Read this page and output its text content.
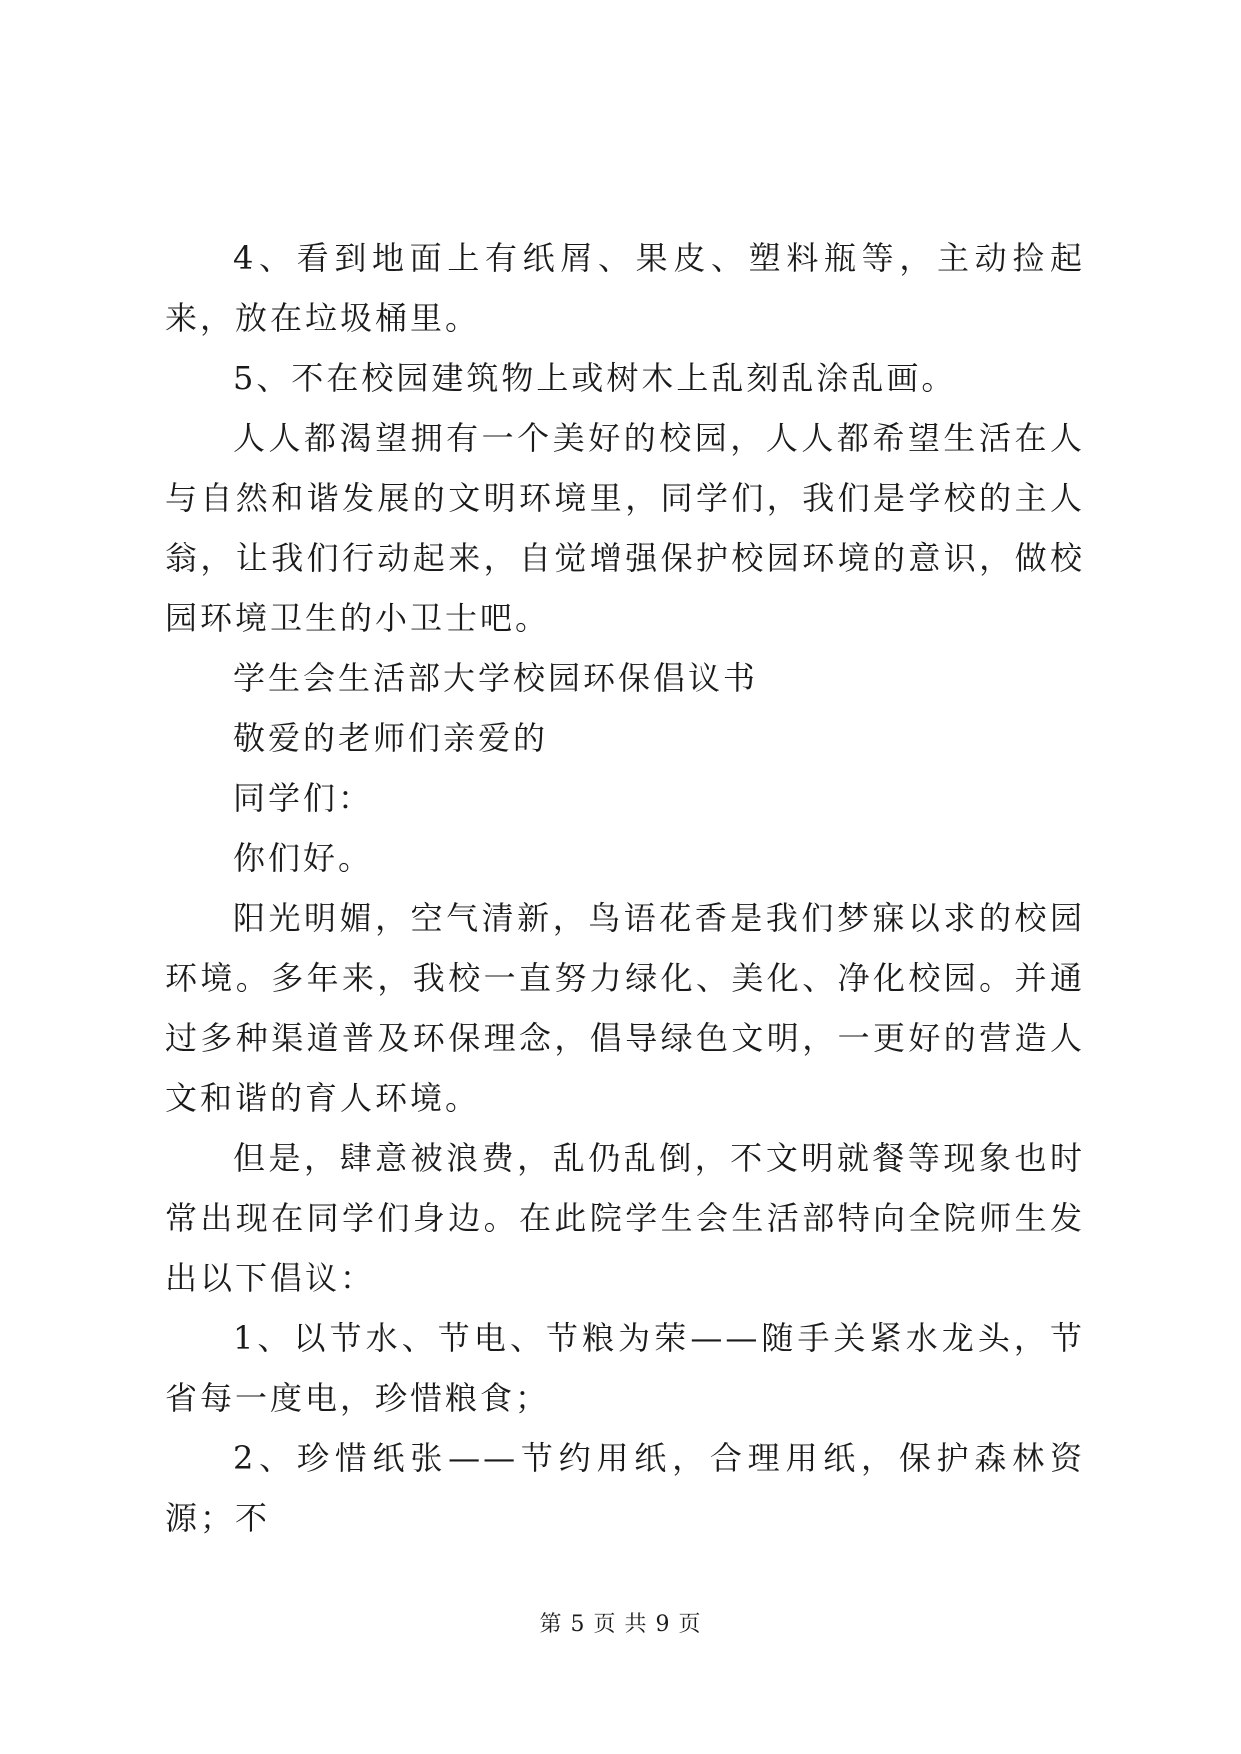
4、看到地面上有纸屑、果皮、塑料瓶等，主动捡起来，放在垃圾桶里。

5、不在校园建筑物上或树木上乱刻乱涂乱画。

人人都渴望拥有一个美好的校园，人人都希望生活在人与自然和谐发展的文明环境里，同学们，我们是学校的主人翁，让我们行动起来，自觉增强保护校园环境的意识，做校园环境卫生的小卫士吧。

学生会生活部大学校园环保倡议书

敬爱的老师们亲爱的

同学们：

你们好。

阳光明媚，空气清新，鸟语花香是我们梦寐以求的校园环境。多年来，我校一直努力绿化、美化、净化校园。并通过多种渠道普及环保理念，倡导绿色文明，一更好的营造人文和谐的育人环境。

但是，肆意被浪费，乱仍乱倒，不文明就餐等现象也时常出现在同学们身边。在此院学生会生活部特向全院师生发出以下倡议：

1、以节水、节电、节粮为荣——随手关紧水龙头，节省每一度电，珍惜粮食；

2、珍惜纸张——节约用纸，合理用纸，保护森林资源；不

第 5 页 共 9 页
